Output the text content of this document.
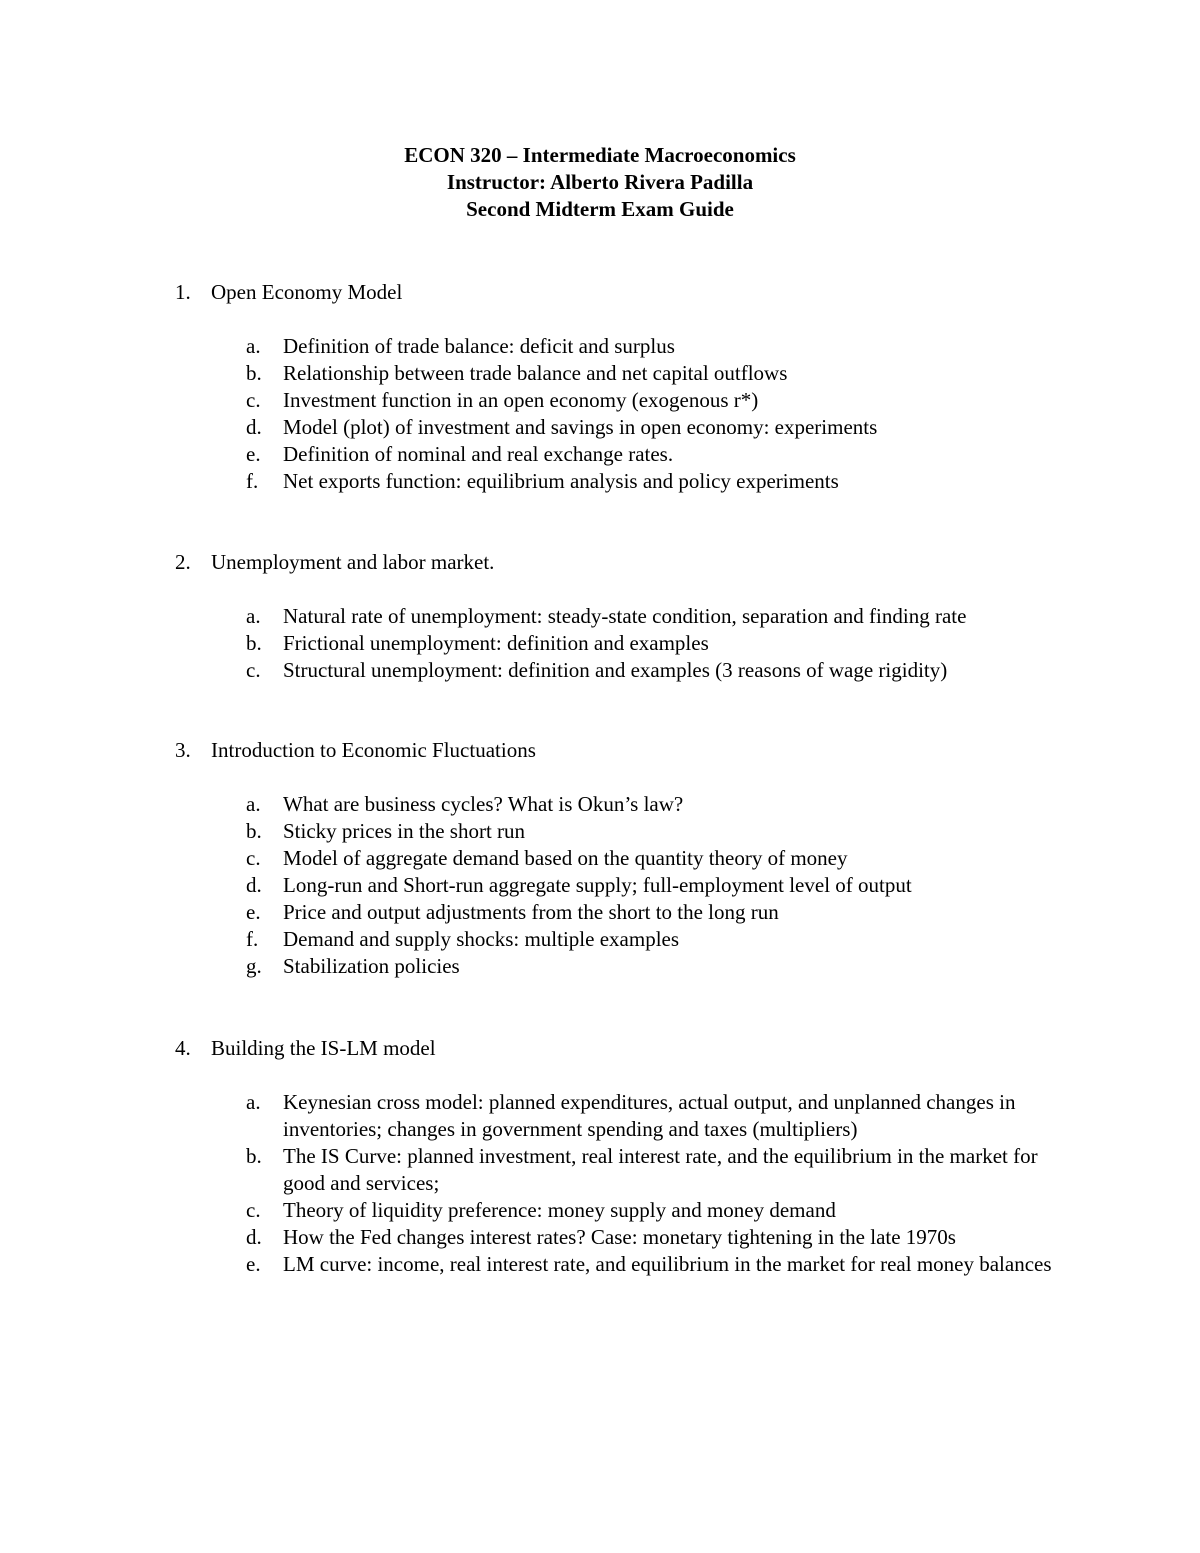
ECON 320 – Intermediate Macroeconomics
Instructor: Alberto Rivera Padilla
Second Midterm Exam Guide
1. Open Economy Model
a.	Definition of trade balance: deficit and surplus
b.	Relationship between trade balance and net capital outflows
c.	Investment function in an open economy (exogenous r*)
d.	Model (plot) of investment and savings in open economy: experiments
e.	Definition of nominal and real exchange rates.
f.	Net exports function: equilibrium analysis and policy experiments
2. Unemployment and labor market.
a.	Natural rate of unemployment: steady-state condition, separation and finding rate
b.	Frictional unemployment: definition and examples
c.	Structural unemployment: definition and examples (3 reasons of wage rigidity)
3. Introduction to Economic Fluctuations
a.	What are business cycles? What is Okun’s law?
b.	Sticky prices in the short run
c.	Model of aggregate demand based on the quantity theory of money
d.	Long-run and Short-run aggregate supply; full-employment level of output
e.	Price and output adjustments from the short to the long run
f.	Demand and supply shocks: multiple examples
g.	Stabilization policies
4. Building the IS-LM model
a.	Keynesian cross model: planned expenditures, actual output, and unplanned changes in inventories; changes in government spending and taxes (multipliers)
b.	The IS Curve: planned investment, real interest rate, and the equilibrium in the market for good and services;
c.	Theory of liquidity preference: money supply and money demand
d.	How the Fed changes interest rates? Case: monetary tightening in the late 1970s
e.	LM curve: income, real interest rate, and equilibrium in the market for real money balances
